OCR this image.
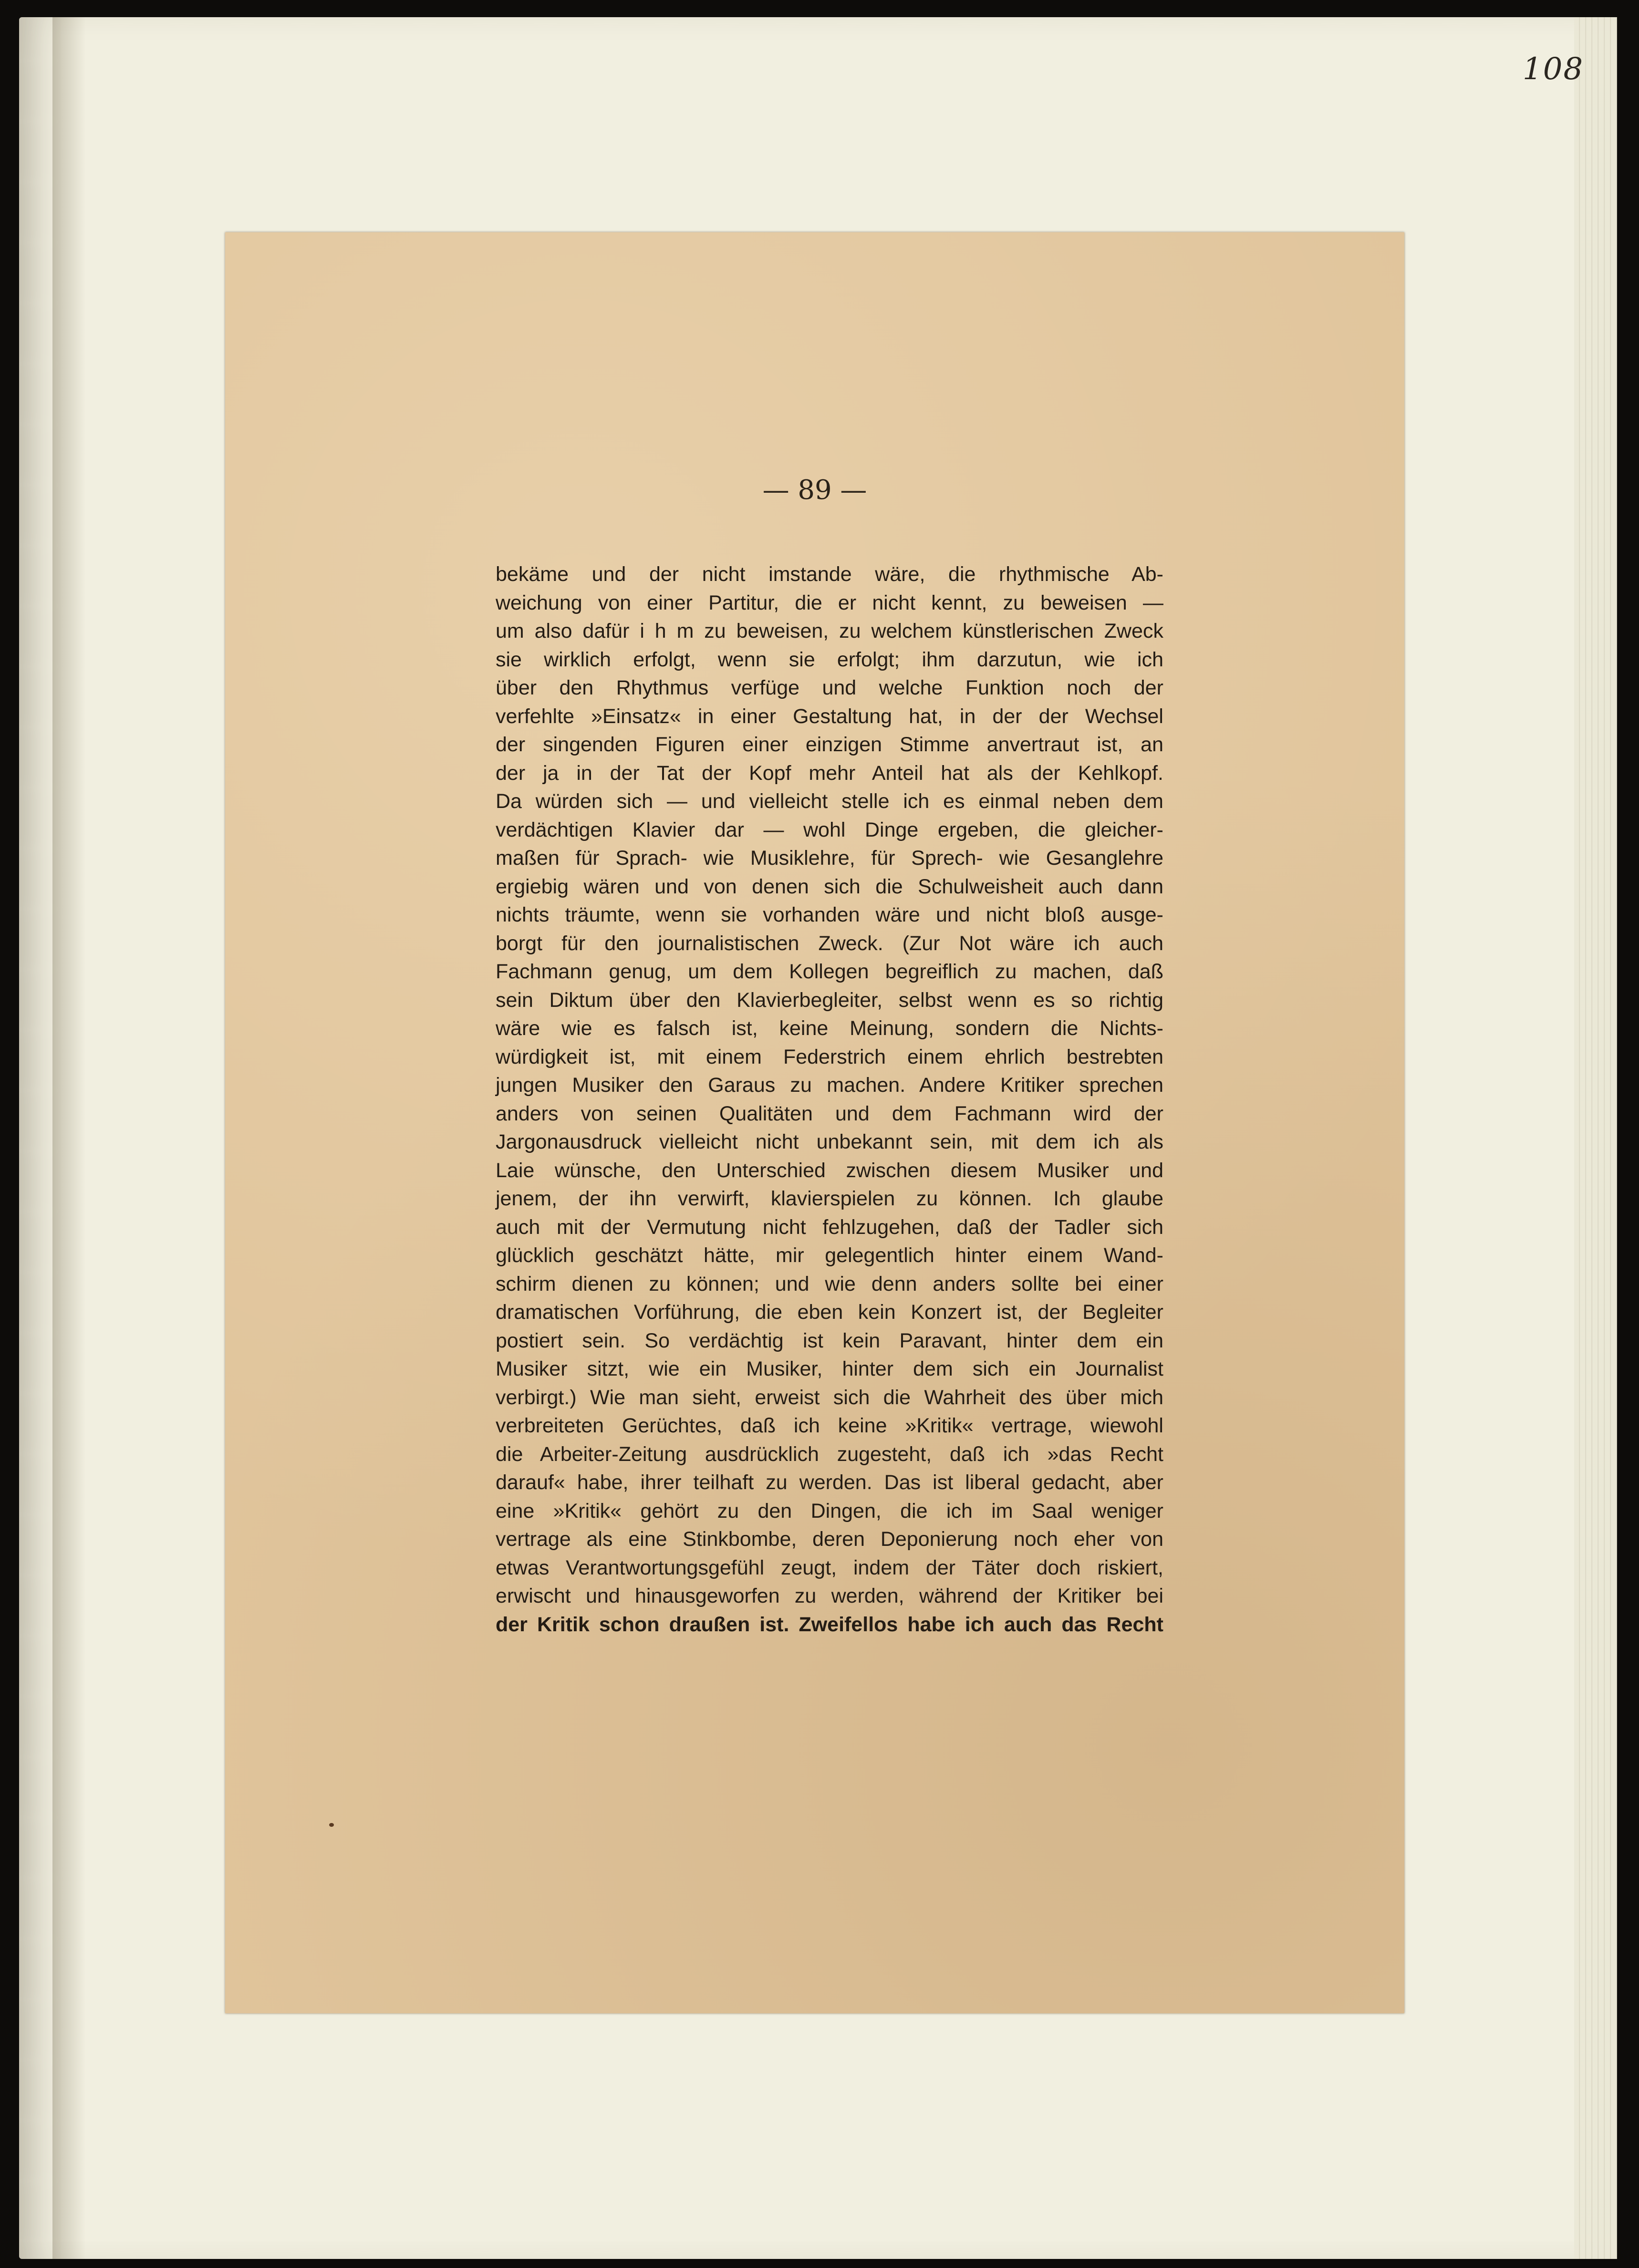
108
— 89 —
bekäme und der nicht imstande wäre, die rhythmische Ab-
weichung von einer Partitur, die er nicht kennt, zu beweisen —
um also dafür i h m zu beweisen, zu welchem künstlerischen Zweck
sie wirklich erfolgt, wenn sie erfolgt; ihm darzutun, wie ich
über den Rhythmus verfüge und welche Funktion noch der
verfehlte »Einsatz« in einer Gestaltung hat, in der der Wechsel
der singenden Figuren einer einzigen Stimme anvertraut ist, an
der ja in der Tat der Kopf mehr Anteil hat als der Kehlkopf.
Da würden sich — und vielleicht stelle ich es einmal neben dem
verdächtigen Klavier dar — wohl Dinge ergeben, die gleicher-
maßen für Sprach- wie Musiklehre, für Sprech- wie Gesanglehre
ergiebig wären und von denen sich die Schulweisheit auch dann
nichts träumte, wenn sie vorhanden wäre und nicht bloß ausge-
borgt für den journalistischen Zweck. (Zur Not wäre ich auch
Fachmann genug, um dem Kollegen begreiflich zu machen, daß
sein Diktum über den Klavierbegleiter, selbst wenn es so richtig
wäre wie es falsch ist, keine Meinung, sondern die Nichts-
würdigkeit ist, mit einem Federstrich einem ehrlich bestrebten
jungen Musiker den Garaus zu machen. Andere Kritiker sprechen
anders von seinen Qualitäten und dem Fachmann wird der
Jargonausdruck vielleicht nicht unbekannt sein, mit dem ich als
Laie wünsche, den Unterschied zwischen diesem Musiker und
jenem, der ihn verwirft, klavierspielen zu können. Ich glaube
auch mit der Vermutung nicht fehlzugehen, daß der Tadler sich
glücklich geschätzt hätte, mir gelegentlich hinter einem Wand-
schirm dienen zu können; und wie denn anders sollte bei einer
dramatischen Vorführung, die eben kein Konzert ist, der Begleiter
postiert sein. So verdächtig ist kein Paravant, hinter dem ein
Musiker sitzt, wie ein Musiker, hinter dem sich ein Journalist
verbirgt.) Wie man sieht, erweist sich die Wahrheit des über mich
verbreiteten Gerüchtes, daß ich keine »Kritik« vertrage, wiewohl
die Arbeiter-Zeitung ausdrücklich zugesteht, daß ich »das Recht
darauf« habe, ihrer teilhaft zu werden. Das ist liberal gedacht, aber
eine »Kritik« gehört zu den Dingen, die ich im Saal weniger
vertrage als eine Stinkbombe, deren Deponierung noch eher von
etwas Verantwortungsgefühl zeugt, indem der Täter doch riskiert,
erwischt und hinausgeworfen zu werden, während der Kritiker bei
der Kritik schon draußen ist. Zweifellos habe ich auch das Recht
